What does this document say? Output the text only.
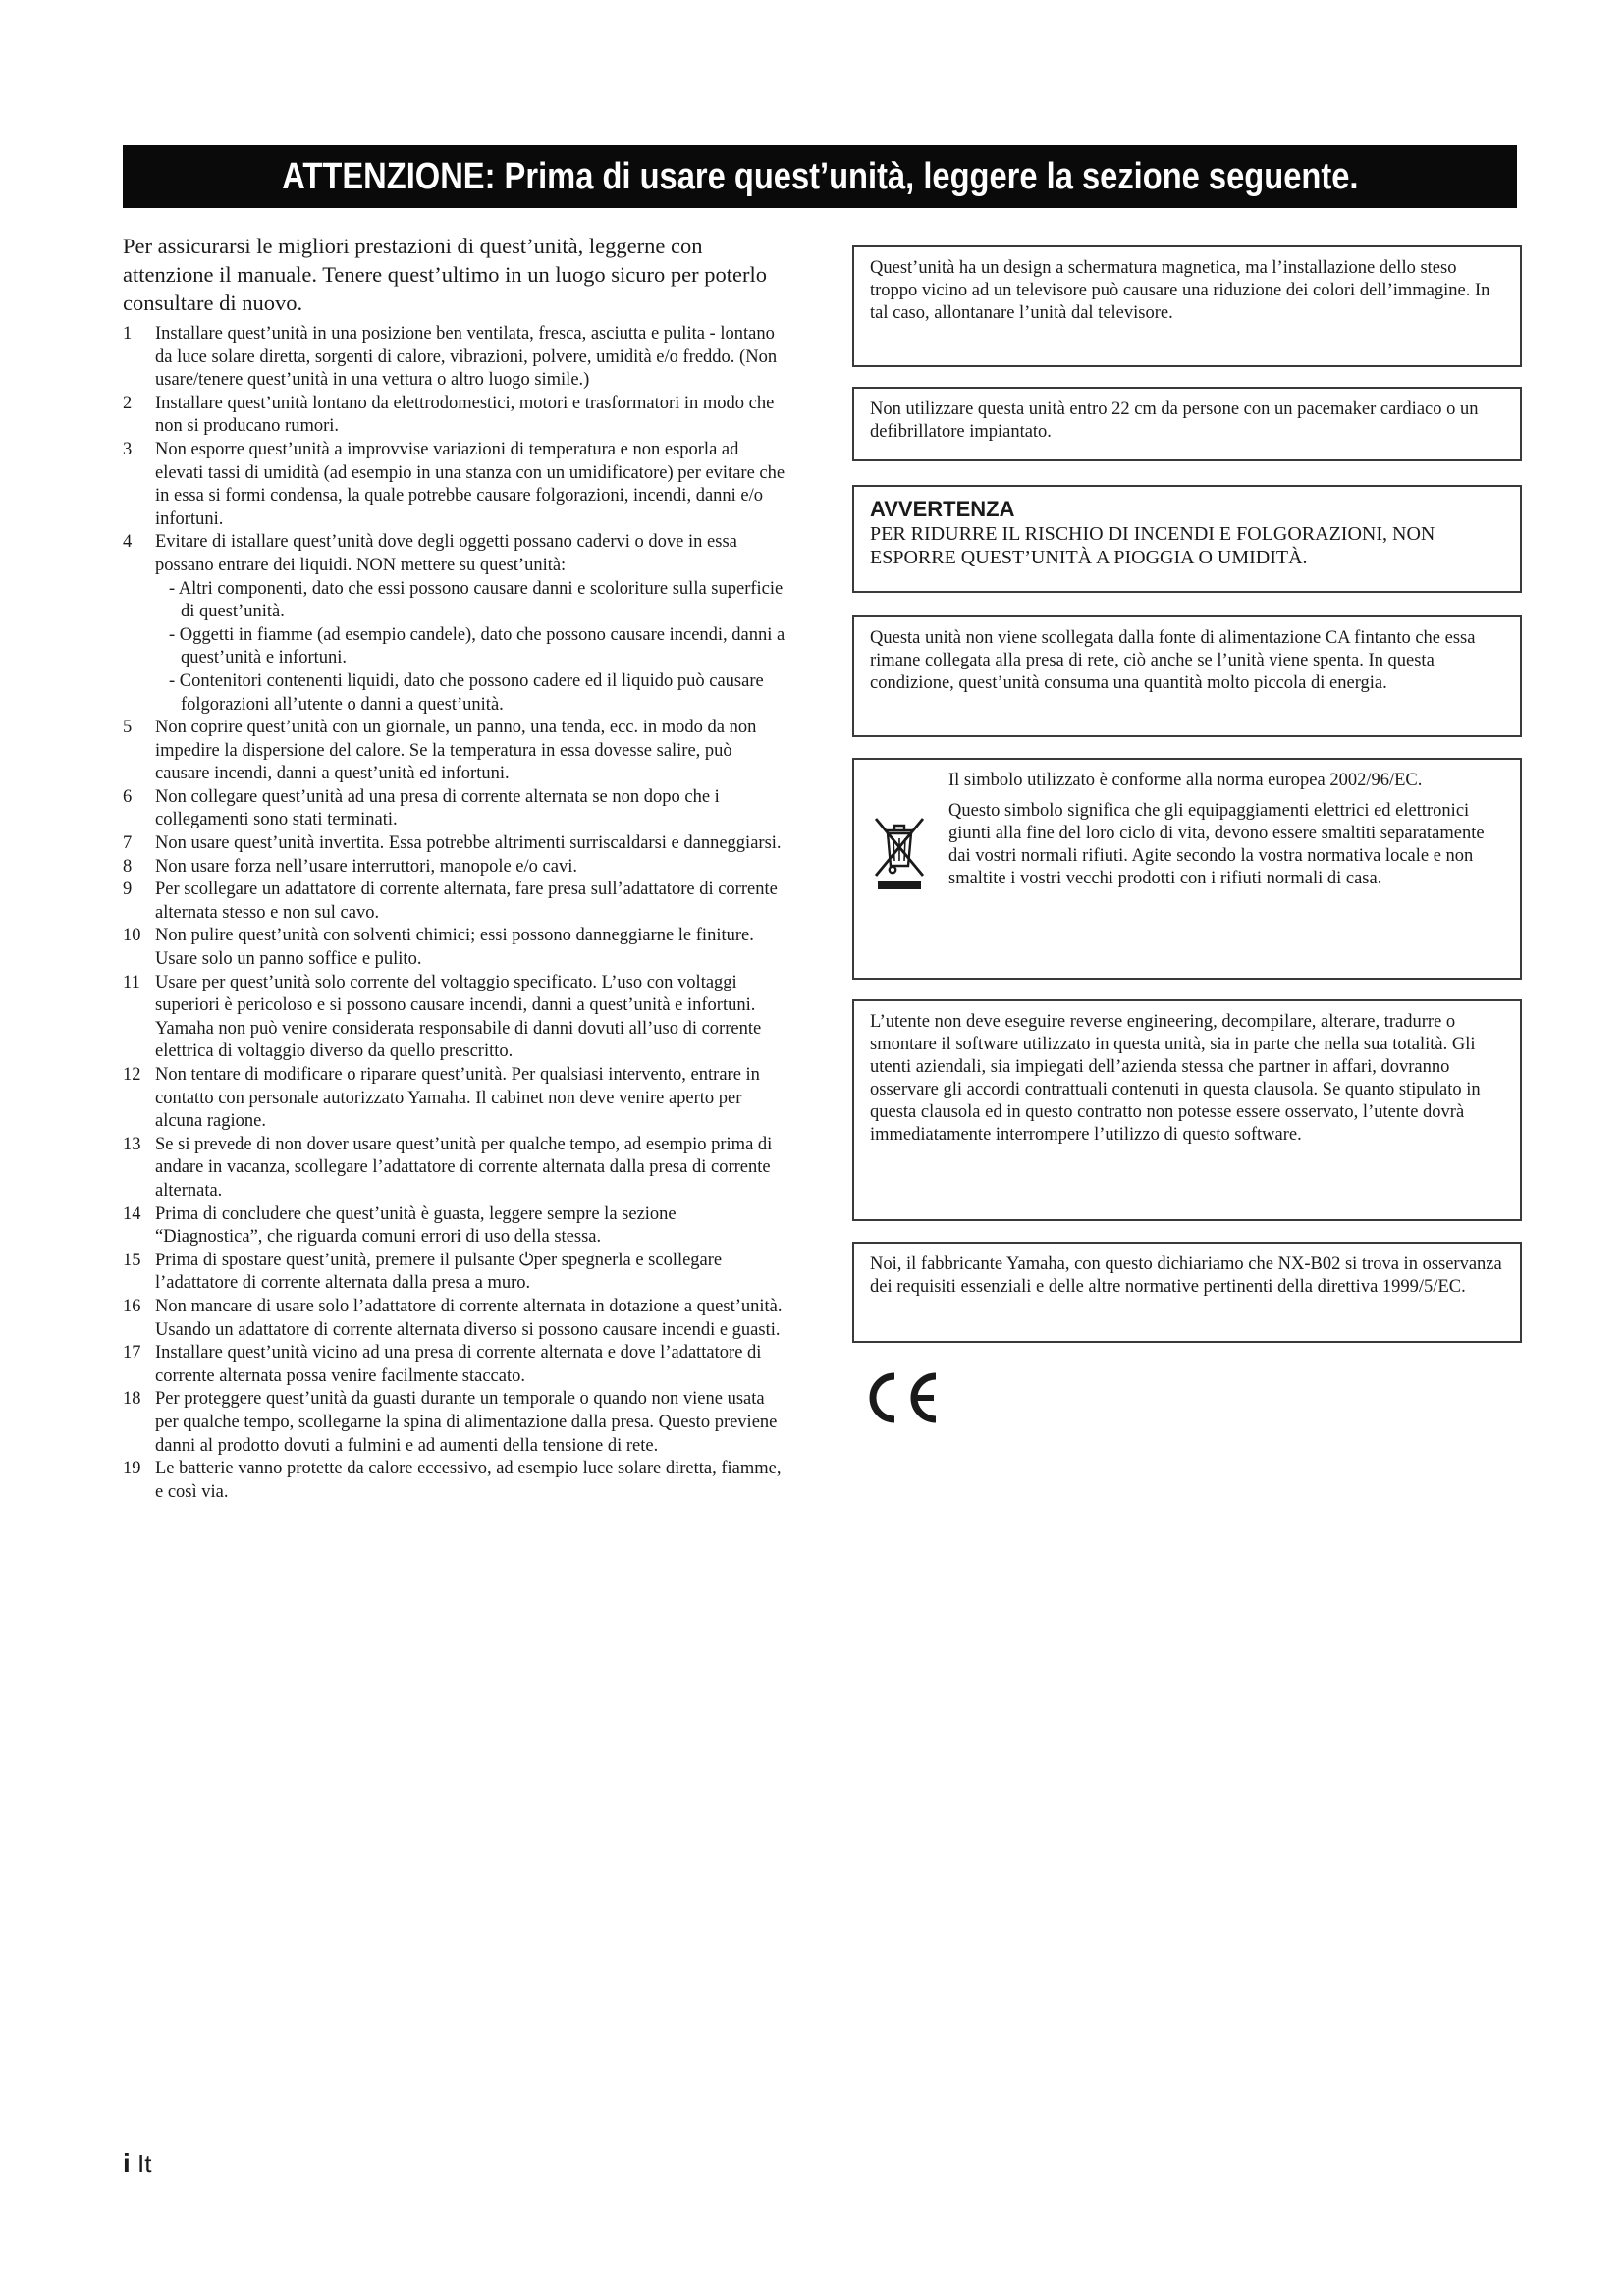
ATTENZIONE: Prima di usare quest’unità, leggere la sezione seguente.

Per assicurarsi le migliori prestazioni di quest’unità, leggerne con attenzione il manuale. Tenere quest’ultimo in un luogo sicuro per poterlo consultare di nuovo.

1 Installare quest’unità in una posizione ben ventilata, fresca, asciutta e pulita - lontano da luce solare diretta, sorgenti di calore, vibrazioni, polvere, umidità e/o freddo. (Non usare/tenere quest’unità in una vettura o altro luogo simile.)
2 Installare quest’unità lontano da elettrodomestici, motori e trasformatori in modo che non si producano rumori.
3 Non esporre quest’unità a improvvise variazioni di temperatura e non esporla ad elevati tassi di umidità (ad esempio in una stanza con un umidificatore) per evitare che in essa si formi condensa, la quale potrebbe causare folgorazioni, incendi, danni e/o infortuni.
4 Evitare di istallare quest’unità dove degli oggetti possano cadervi o dove in essa possano entrare dei liquidi. NON mettere su quest’unità:
- Altri componenti, dato che essi possono causare danni e scoloriture sulla superficie di quest’unità.
- Oggetti in fiamme (ad esempio candele), dato che possono causare incendi, danni a quest’unità e infortuni.
- Contenitori contenenti liquidi, dato che possono cadere ed il liquido può causare folgorazioni all’utente o danni a quest’unità.
5 Non coprire quest’unità con un giornale, un panno, una tenda, ecc. in modo da non impedire la dispersione del calore. Se la temperatura in essa dovesse salire, può causare incendi, danni a quest’unità ed infortuni.
6 Non collegare quest’unità ad una presa di corrente alternata se non dopo che i collegamenti sono stati terminati.
7 Non usare quest’unità invertita. Essa potrebbe altrimenti surriscaldarsi e danneggiarsi.
8 Non usare forza nell’usare interruttori, manopole e/o cavi.
9 Per scollegare un adattatore di corrente alternata, fare presa sull’adattatore di corrente alternata stesso e non sul cavo.
10 Non pulire quest’unità con solventi chimici; essi possono danneggiarne le finiture. Usare solo un panno soffice e pulito.
11 Usare per quest’unità solo corrente del voltaggio specificato. L’uso con voltaggi superiori è pericoloso e si possono causare incendi, danni a quest’unità e infortuni. Yamaha non può venire considerata responsabile di danni dovuti all’uso di corrente elettrica di voltaggio diverso da quello prescritto.
12 Non tentare di modificare o riparare quest’unità. Per qualsiasi intervento, entrare in contatto con personale autorizzato Yamaha. Il cabinet non deve venire aperto per alcuna ragione.
13 Se si prevede di non dover usare quest’unità per qualche tempo, ad esempio prima di andare in vacanza, scollegare l’adattatore di corrente alternata dalla presa di corrente alternata.
14 Prima di concludere che quest’unità è guasta, leggere sempre la sezione “Diagnostica”, che riguarda comuni errori di uso della stessa.
15 Prima di spostare quest’unità, premere il pulsante ⏻per spegnerla e scollegare l’adattatore di corrente alternata dalla presa a muro.
16 Non mancare di usare solo l’adattatore di corrente alternata in dotazione a quest’unità. Usando un adattatore di corrente alternata diverso si possono causare incendi e guasti.
17 Installare quest’unità vicino ad una presa di corrente alternata e dove l’adattatore di corrente alternata possa venire facilmente staccato.
18 Per proteggere quest’unità da guasti durante un temporale o quando non viene usata per qualche tempo, scollegarne la spina di alimentazione dalla presa. Questo previene danni al prodotto dovuti a fulmini e ad aumenti della tensione di rete.
19 Le batterie vanno protette da calore eccessivo, ad esempio luce solare diretta, fiamme, e così via.

Quest’unità ha un design a schermatura magnetica, ma l’installazione dello steso troppo vicino ad un televisore può causare una riduzione dei colori dell’immagine. In tal caso, allontanare l’unità dal televisore.

Non utilizzare questa unità entro 22 cm da persone con un pacemaker cardiaco o un defibrillatore impiantato.

AVVERTENZA

PER RIDURRE IL RISCHIO DI INCENDI E FOLGORAZIONI, NON ESPORRE QUEST’UNITÀ A PIOGGIA O UMIDITÀ.

Questa unità non viene scollegata dalla fonte di alimentazione CA fintanto che essa rimane collegata alla presa di rete, ciò anche se l’unità viene spenta. In questa condizione, quest’unità consuma una quantità molto piccola di energia.

Il simbolo utilizzato è conforme alla norma europea 2002/96/EC.

Questo simbolo significa che gli equipaggiamenti elettrici ed elettronici giunti alla fine del loro ciclo di vita, devono essere smaltiti separatamente dai vostri normali rifiuti. Agite secondo la vostra normativa locale e non smaltite i vostri vecchi prodotti con i rifiuti normali di casa.

L’utente non deve eseguire reverse engineering, decompilare, alterare, tradurre o smontare il software utilizzato in questa unità, sia in parte che nella sua totalità. Gli utenti aziendali, sia impiegati dell’azienda stessa che partner in affari, dovranno osservare gli accordi contrattuali contenuti in questa clausola. Se quanto stipulato in questa clausola ed in questo contratto non potesse essere osservato, l’utente dovrà immediatamente interrompere l’utilizzo di questo software.

Noi, il fabbricante Yamaha, con questo dichiariamo che NX-B02 si trova in osservanza dei requisiti essenziali e delle altre normative pertinenti della direttiva 1999/5/EC.

i It
